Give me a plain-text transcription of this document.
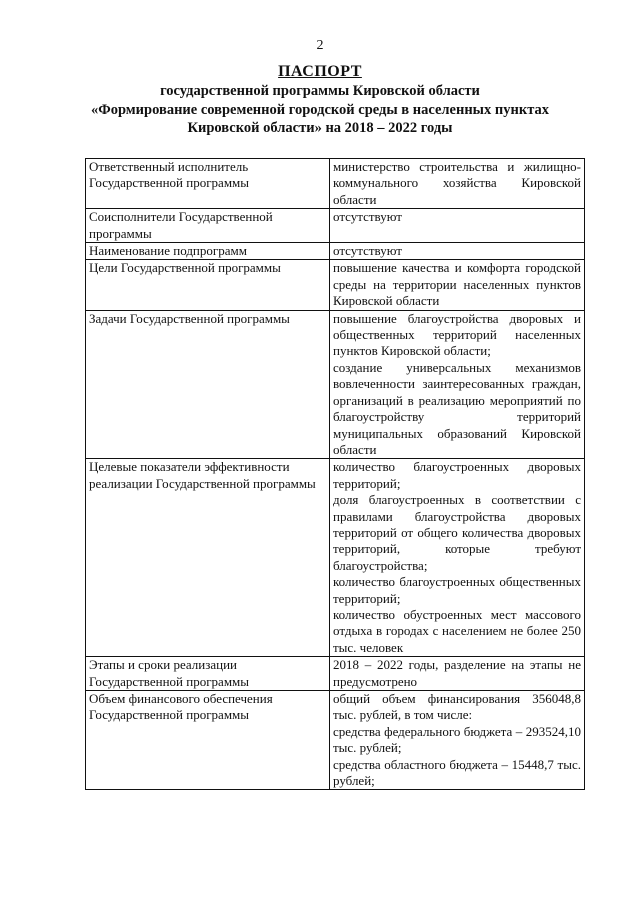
2
ПАСПОРТ
государственной программы Кировской области
«Формирование современной городской среды в населенных пунктах
Кировской области» на 2018 – 2022 годы
Ответственный исполнитель Государственной программы	министерство строительства и жилищно-коммунального хозяйства Кировской области

Соисполнители Государственной программы	отсутствуют

Наименование подпрограмм	отсутствуют

Цели Государственной программы	повышение качества и комфорта городской среды на территории населенных пунктов Кировской области

Задачи Государственной программы	повышение благоустройства дворовых и общественных территорий населенных пунктов Кировской области;
создание универсальных механизмов вовлеченности заинтересованных граждан, организаций в реализацию мероприятий по благоустройству территорий муниципальных образований Кировской области

Целевые показатели эффективности реализации Государственной программы	количество благоустроенных дворовых территорий;
доля благоустроенных в соответствии с правилами благоустройства дворовых территорий от общего количества дворовых территорий, которые требуют благоустройства;
количество благоустроенных общественных территорий;
количество обустроенных мест массового отдыха в городах с населением не более 250 тыс. человек

Этапы и сроки реализации Государственной программы	2018 – 2022 годы, разделение на этапы не предусмотрено

Объем финансового обеспечения Государственной программы	общий объем финансирования 356048,8 тыс. рублей, в том числе:
средства федерального бюджета – 293524,10 тыс. рублей;
средства областного бюджета – 15448,7 тыс. рублей;
